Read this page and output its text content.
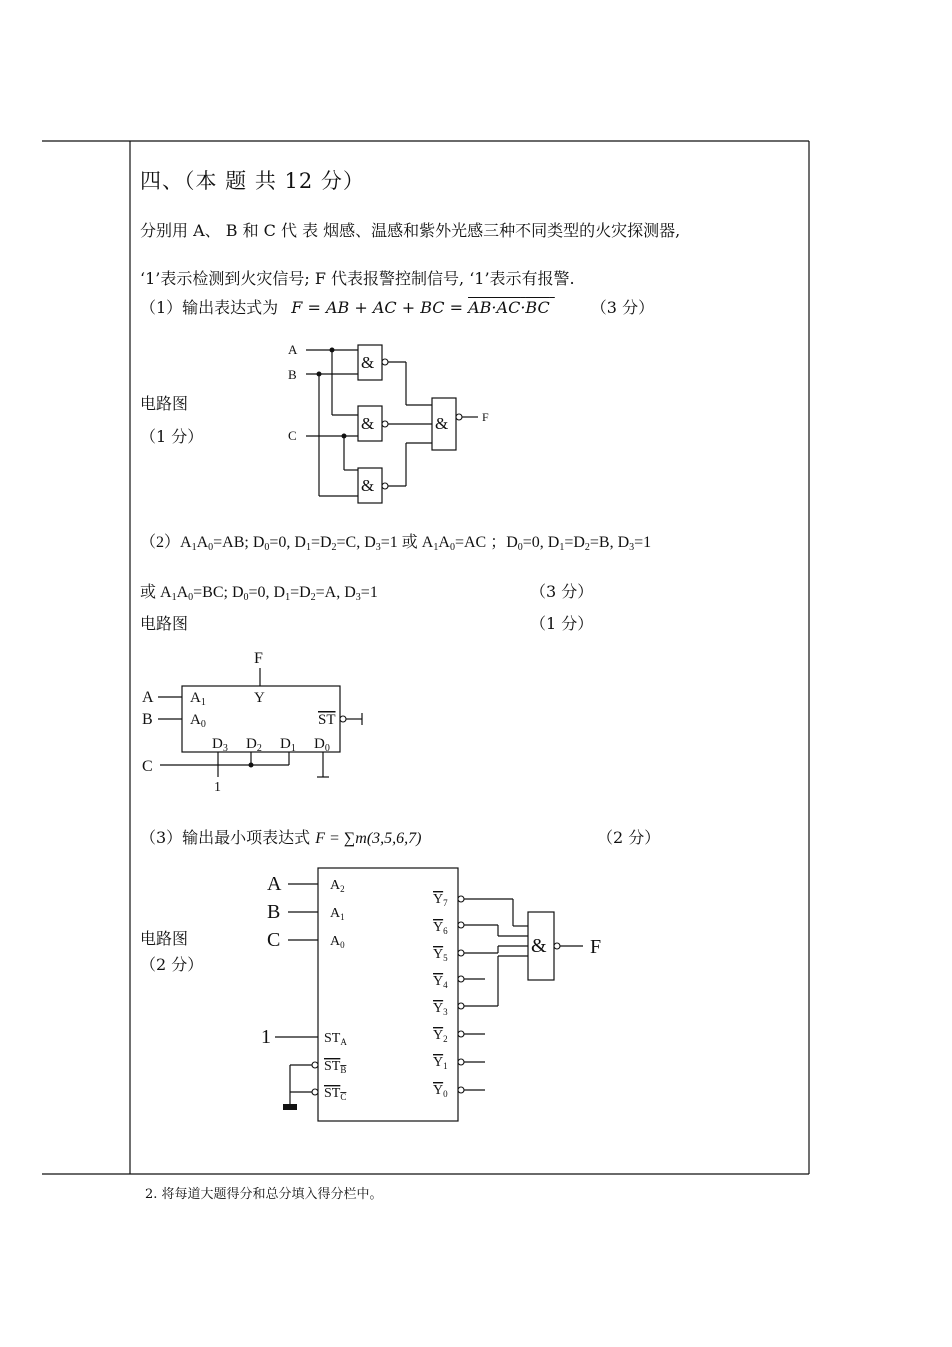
四、（本 题 共 12 分）
分别用 A、 B 和 C 代 表 烟感、温感和紫外光感三种不同类型的火灾探测器,
‘1’表示检测到火灾信号; F 代表报警控制信号, ‘1’表示有报警.
（1）输出表达式为 F = AB + AC + BC = AB·AC·BC	（3 分）
电路图
（1 分）
A
B
C
&
&
&
&	F
$(2)A_1A_0=AB$; $D_0=0$, $D_1=D_2=C$, $D_3=1$ 或 $A_1A_0=AC$ ；$D_0=0$, $D_1=D_2=B$, $D_3=1$
或 $A_1A_0=BC$; $D_0=0$, $D_1=D_2=A$, $D_3=1$	（3 分）
电路图	（1 分）
F
A
B
$A_1$
$A_0$
Y
ST
$D_3$ $D_2$ $D_1$ $D_0$
C
1
（3）输出最小项表达式 F = ∑m(3,5,6,7)	（2 分）
电路图
（2 分）
A
B
C
$A_2$
$A_1$
$A_0$
1	$ST_A$
$ST_B$
$ST_C$
$Y_7$
$Y_6$
$Y_5$
$Y_4$
$Y_3$
$Y_2$
$Y_1$
$Y_0$
& F
2. 将每道大题得分和总分填入得分栏中。
